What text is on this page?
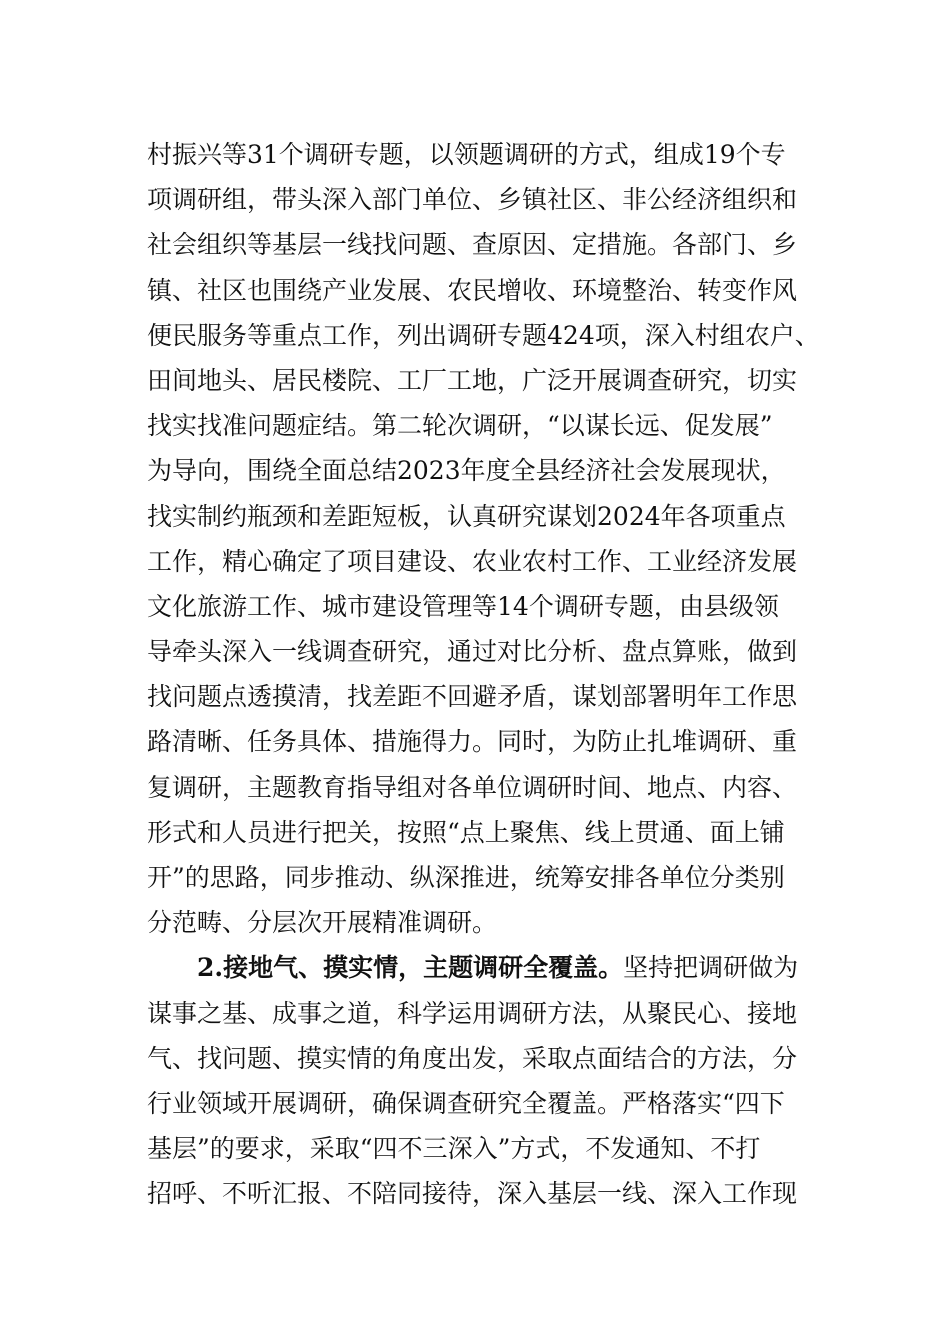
村振兴等31个调研专题，以领题调研的方式，组成19个专
项调研组，带头深入部门单位、乡镇社区、非公经济组织和
社会组织等基层一线找问题、查原因、定措施。各部门、乡
镇、社区也围绕产业发展、农民增收、环境整治、转变作风
便民服务等重点工作，列出调研专题424项，深入村组农户、
田间地头、居民楼院、工厂工地，广泛开展调查研究，切实
找实找准问题症结。第二轮次调研，“以谋长远、促发展”
为导向，围绕全面总结2023年度全县经济社会发展现状，
找实制约瓶颈和差距短板，认真研究谋划2024年各项重点
工作，精心确定了项目建设、农业农村工作、工业经济发展
文化旅游工作、城市建设管理等14个调研专题，由县级领
导牵头深入一线调查研究，通过对比分析、盘点算账，做到
找问题点透摸清，找差距不回避矛盾，谋划部署明年工作思
路清晰、任务具体、措施得力。同时，为防止扎堆调研、重
复调研，主题教育指导组对各单位调研时间、地点、内容、
形式和人员进行把关，按照“点上聚焦、线上贯通、面上铺
开”的思路，同步推动、纵深推进，统筹安排各单位分类别
分范畴、分层次开展精准调研。
2.接地气、摸实情，主题调研全覆盖。坚持把调研做为
谋事之基、成事之道，科学运用调研方法，从聚民心、接地
气、找问题、摸实情的角度出发，采取点面结合的方法，分
行业领域开展调研，确保调查研究全覆盖。严格落实“四下
基层”的要求，采取“四不三深入”方式，不发通知、不打
招呼、不听汇报、不陪同接待，深入基层一线、深入工作现
